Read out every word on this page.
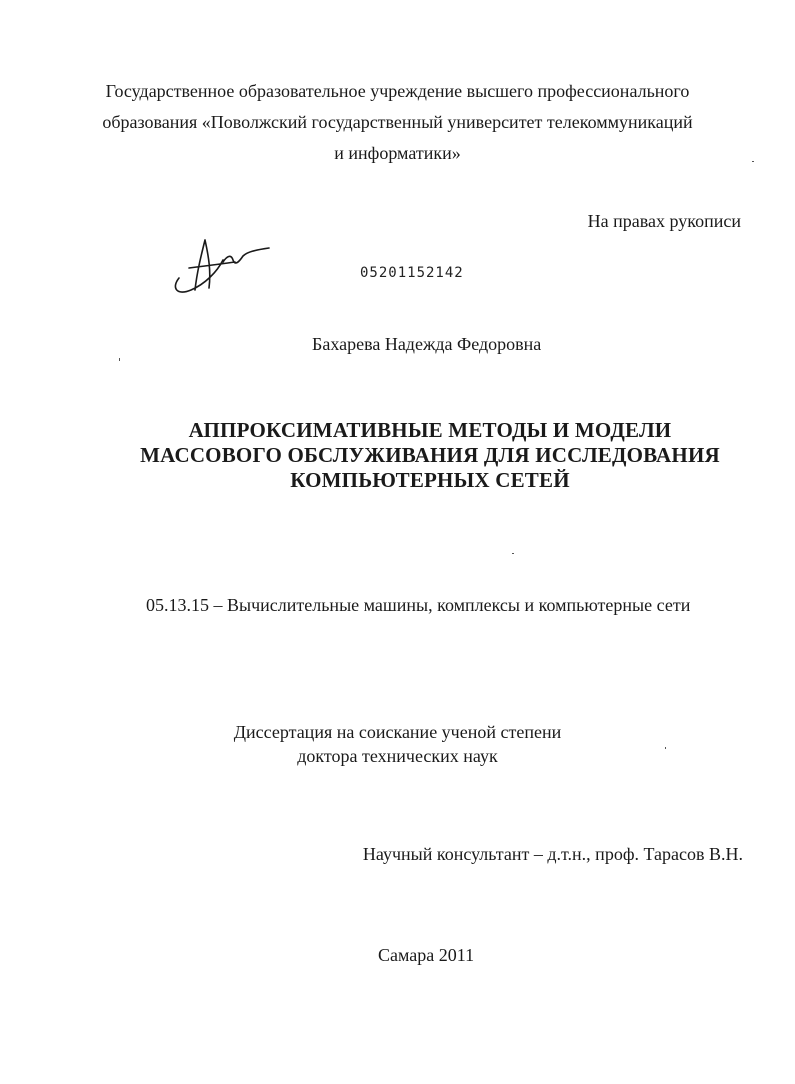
Государственное образовательное учреждение высшего профессионального
образования «Поволжский государственный университет телекоммуникаций
и информатики»
На правах рукописи
05201152142
Бахарева Надежда Федоровна
АППРОКСИМАТИВНЫЕ МЕТОДЫ И МОДЕЛИ
МАССОВОГО ОБСЛУЖИВАНИЯ ДЛЯ ИССЛЕДОВАНИЯ
КОМПЬЮТЕРНЫХ СЕТЕЙ
05.13.15 – Вычислительные машины, комплексы и компьютерные сети
Диссертация на соискание ученой степени
доктора технических наук
Научный консультант – д.т.н., проф. Тарасов В.Н.
Самара 2011
